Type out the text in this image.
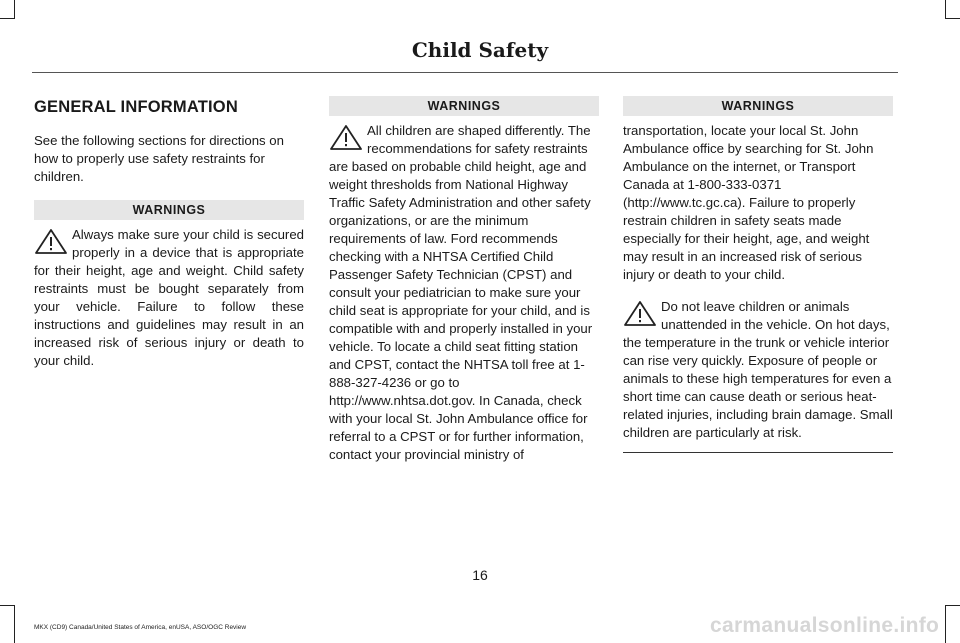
Child Safety
GENERAL INFORMATION

See the following sections for directions on how to properly use safety restraints for children.

WARNINGS
Always make sure your child is secured properly in a device that is appropriate for their height, age and weight. Child safety restraints must be bought separately from your vehicle. Failure to follow these instructions and guidelines may result in an increased risk of serious injury or death to your child.
WARNINGS
All children are shaped differently. The recommendations for safety restraints are based on probable child height, age and weight thresholds from National Highway Traffic Safety Administration and other safety organizations, or are the minimum requirements of law. Ford recommends checking with a NHTSA Certified Child Passenger Safety Technician (CPST) and consult your pediatrician to make sure your child seat is appropriate for your child, and is compatible with and properly installed in your vehicle. To locate a child seat fitting station and CPST, contact the NHTSA toll free at 1-888-327-4236 or go to http://www.nhtsa.dot.gov. In Canada, check with your local St. John Ambulance office for referral to a CPST or for further information, contact your provincial ministry of
WARNINGS

transportation, locate your local St. John Ambulance office by searching for St. John Ambulance on the internet, or Transport Canada at 1-800-333-0371 (http://www.tc.gc.ca). Failure to properly restrain children in safety seats made especially for their height, age, and weight may result in an increased risk of serious injury or death to your child.

Do not leave children or animals unattended in the vehicle. On hot days, the temperature in the trunk or vehicle interior can rise very quickly. Exposure of people or animals to these high temperatures for even a short time can cause death or serious heat-related injuries, including brain damage. Small children are particularly at risk.
16
MKX (CD9) Canada/United States of America, enUSA, ASO/OGC Review	carmanualsonline.info
